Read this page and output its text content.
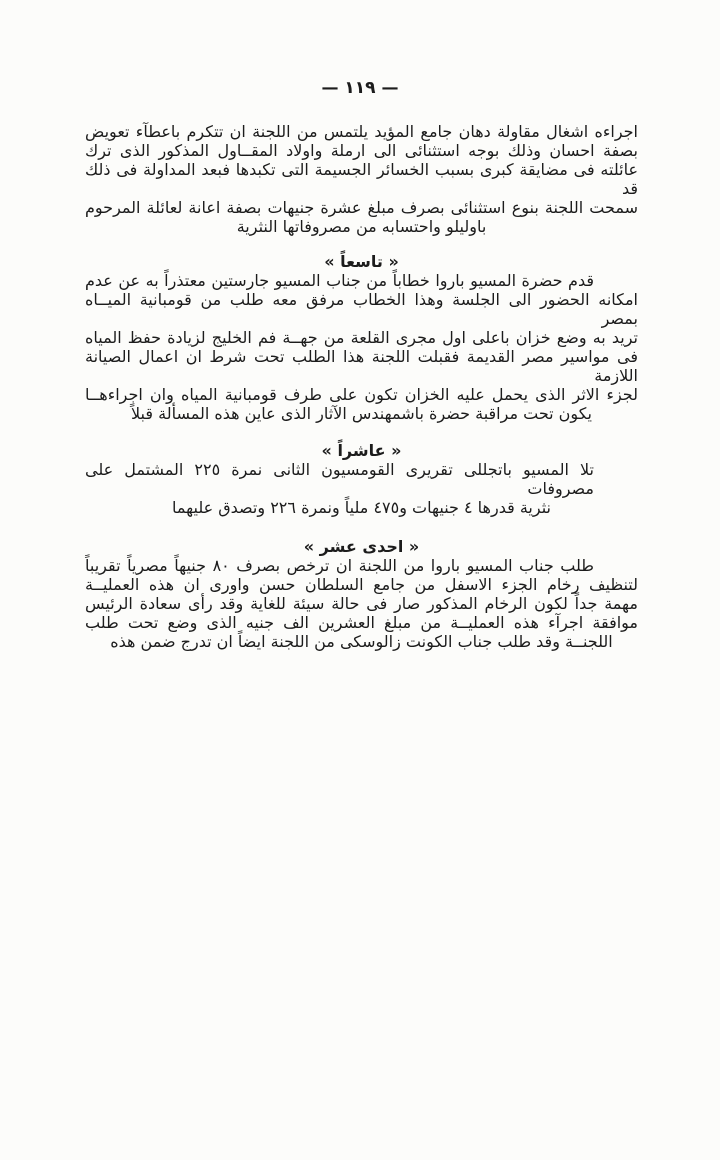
— ١١٩ —
اجراءه اشغال مقاولة دهان جامع المؤيد يلتمس من اللجنة ان تتكرم باعطآء تعويض
بصفة احسان وذلك بوجه استثنائى الى ارملة واولاد المقــاول المذكور الذى ترك
عائلته فى مضايقة كبرى بسبب الخسائر الجسيمة التى تكبدها فبعد المداولة فى ذلك قد
سمحت اللجنة بنوع استثنائى بصرف مبلغ عشرة جنيهات بصفة اعانة لعائلة المرحوم
باوليلو واحتسابه من مصروفاتها النثرية
« تاسعاً »
قدم حضرة المسيو باروا خطاباً من جناب المسيو جارستين معتذراً به عن عدم
امكانه الحضور الى الجلسة وهذا الخطاب مرفق معه طلب من قومبانية الميــاه بمصر
تريد به وضع خزان باعلى اول مجرى القلعة من جهــة فم الخليج لزيادة حفظ المياه
فى مواسير مصر القديمة فقبلت اللجنة هذا الطلب تحت شرط ان اعمال الصيانة اللازمة
لجزء الاثر الذى يحمل عليه الخزان تكون على طرف قومبانية المياه وان اجراءهــا
يكون تحت مراقبة حضرة باشمهندس الآثار الذى عاين هذه المسألة قبلاً
« عاشراً »
تلا المسيو باتجللى تقريرى القومسيون الثانى نمرة ٢٢٥ المشتمل على مصروفات
نثرية قدرها ٤ جنيهات و٤٧٥ ملياً ونمرة ٢٢٦ وتصدق عليهما
« احدى عشر »
طلب جناب المسيو باروا من اللجنة ان ترخص بصرف ٨٠ جنيهاً مصرياً تقريباً
لتنظيف رخام الجزء الاسفل من جامع السلطان حسن واورى ان هذه العمليــة
مهمة جداً لكون الرخام المذكور صار فى حالة سيئة للغاية وقد رأى سعادة الرئيس
موافقة اجرآء هذه العمليــة من مبلغ العشرين الف جنيه الذى وضع تحت طلب
اللجنــة وقد طلب جناب الكونت زالوسكى من اللجنة ايضاً ان تدرج ضمن هذه
